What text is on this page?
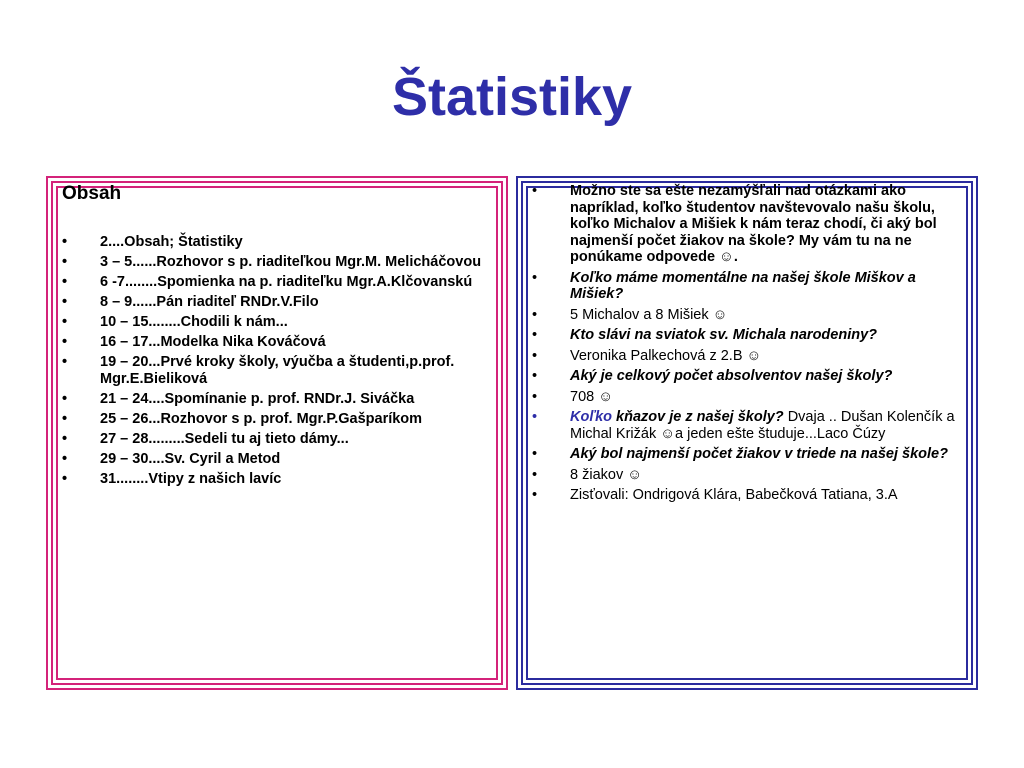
Štatistiky
Obsah
• 2....Obsah; Štatistiky
• 3 – 5......Rozhovor s p. riaditeľkou Mgr.M. Melicháčovou
• 6 -7........Spomienka na p. riaditeľku Mgr.A.Klčovanskú
• 8 – 9......Pán riaditeľ RNDr.V.Filo
• 10 – 15........Chodili k nám...
• 16 – 17...Modelka Nika Kováčová
• 19 – 20...Prvé kroky školy, výučba a študenti,p.prof. Mgr.E.Bieliková
• 21 – 24....Spomínanie p. prof. RNDr.J. Siváčka
• 25 – 26...Rozhovor s p. prof. Mgr.P.Gašparíkom
• 27 – 28.........Sedeli tu aj tieto dámy...
• 29 – 30....Sv. Cyril a Metod
• 31........Vtipy z našich lavíc
• Možno ste sa ešte nezamýšľali nad otázkami ako napríklad, koľko študentov navštevovalo našu školu, koľko Michalov a Mišiek k nám teraz chodí, či aký bol najmenší počet žiakov na škole? My vám tu na ne ponúkame odpovede ☺.
• Koľko máme momentálne na našej škole Miškov a Mišiek?
• 5 Michalov a 8 Mišiek ☺
• Kto slávi na sviatok sv. Michala narodeniny?
• Veronika Palkechová z 2.B ☺
• Aký je celkový počet absolventov našej školy?
• 708 ☺
• Koľko kňazov je z našej školy? Dvaja .. Dušan Kolenčík a Michal Križák ☺a jeden ešte študuje...Laco Čúzy
• Aký bol najmenší počet žiakov v triede na našej škole?
• 8 žiakov ☺
• Zisťovali: Ondrigová Klára, Babečková Tatiana, 3.A
